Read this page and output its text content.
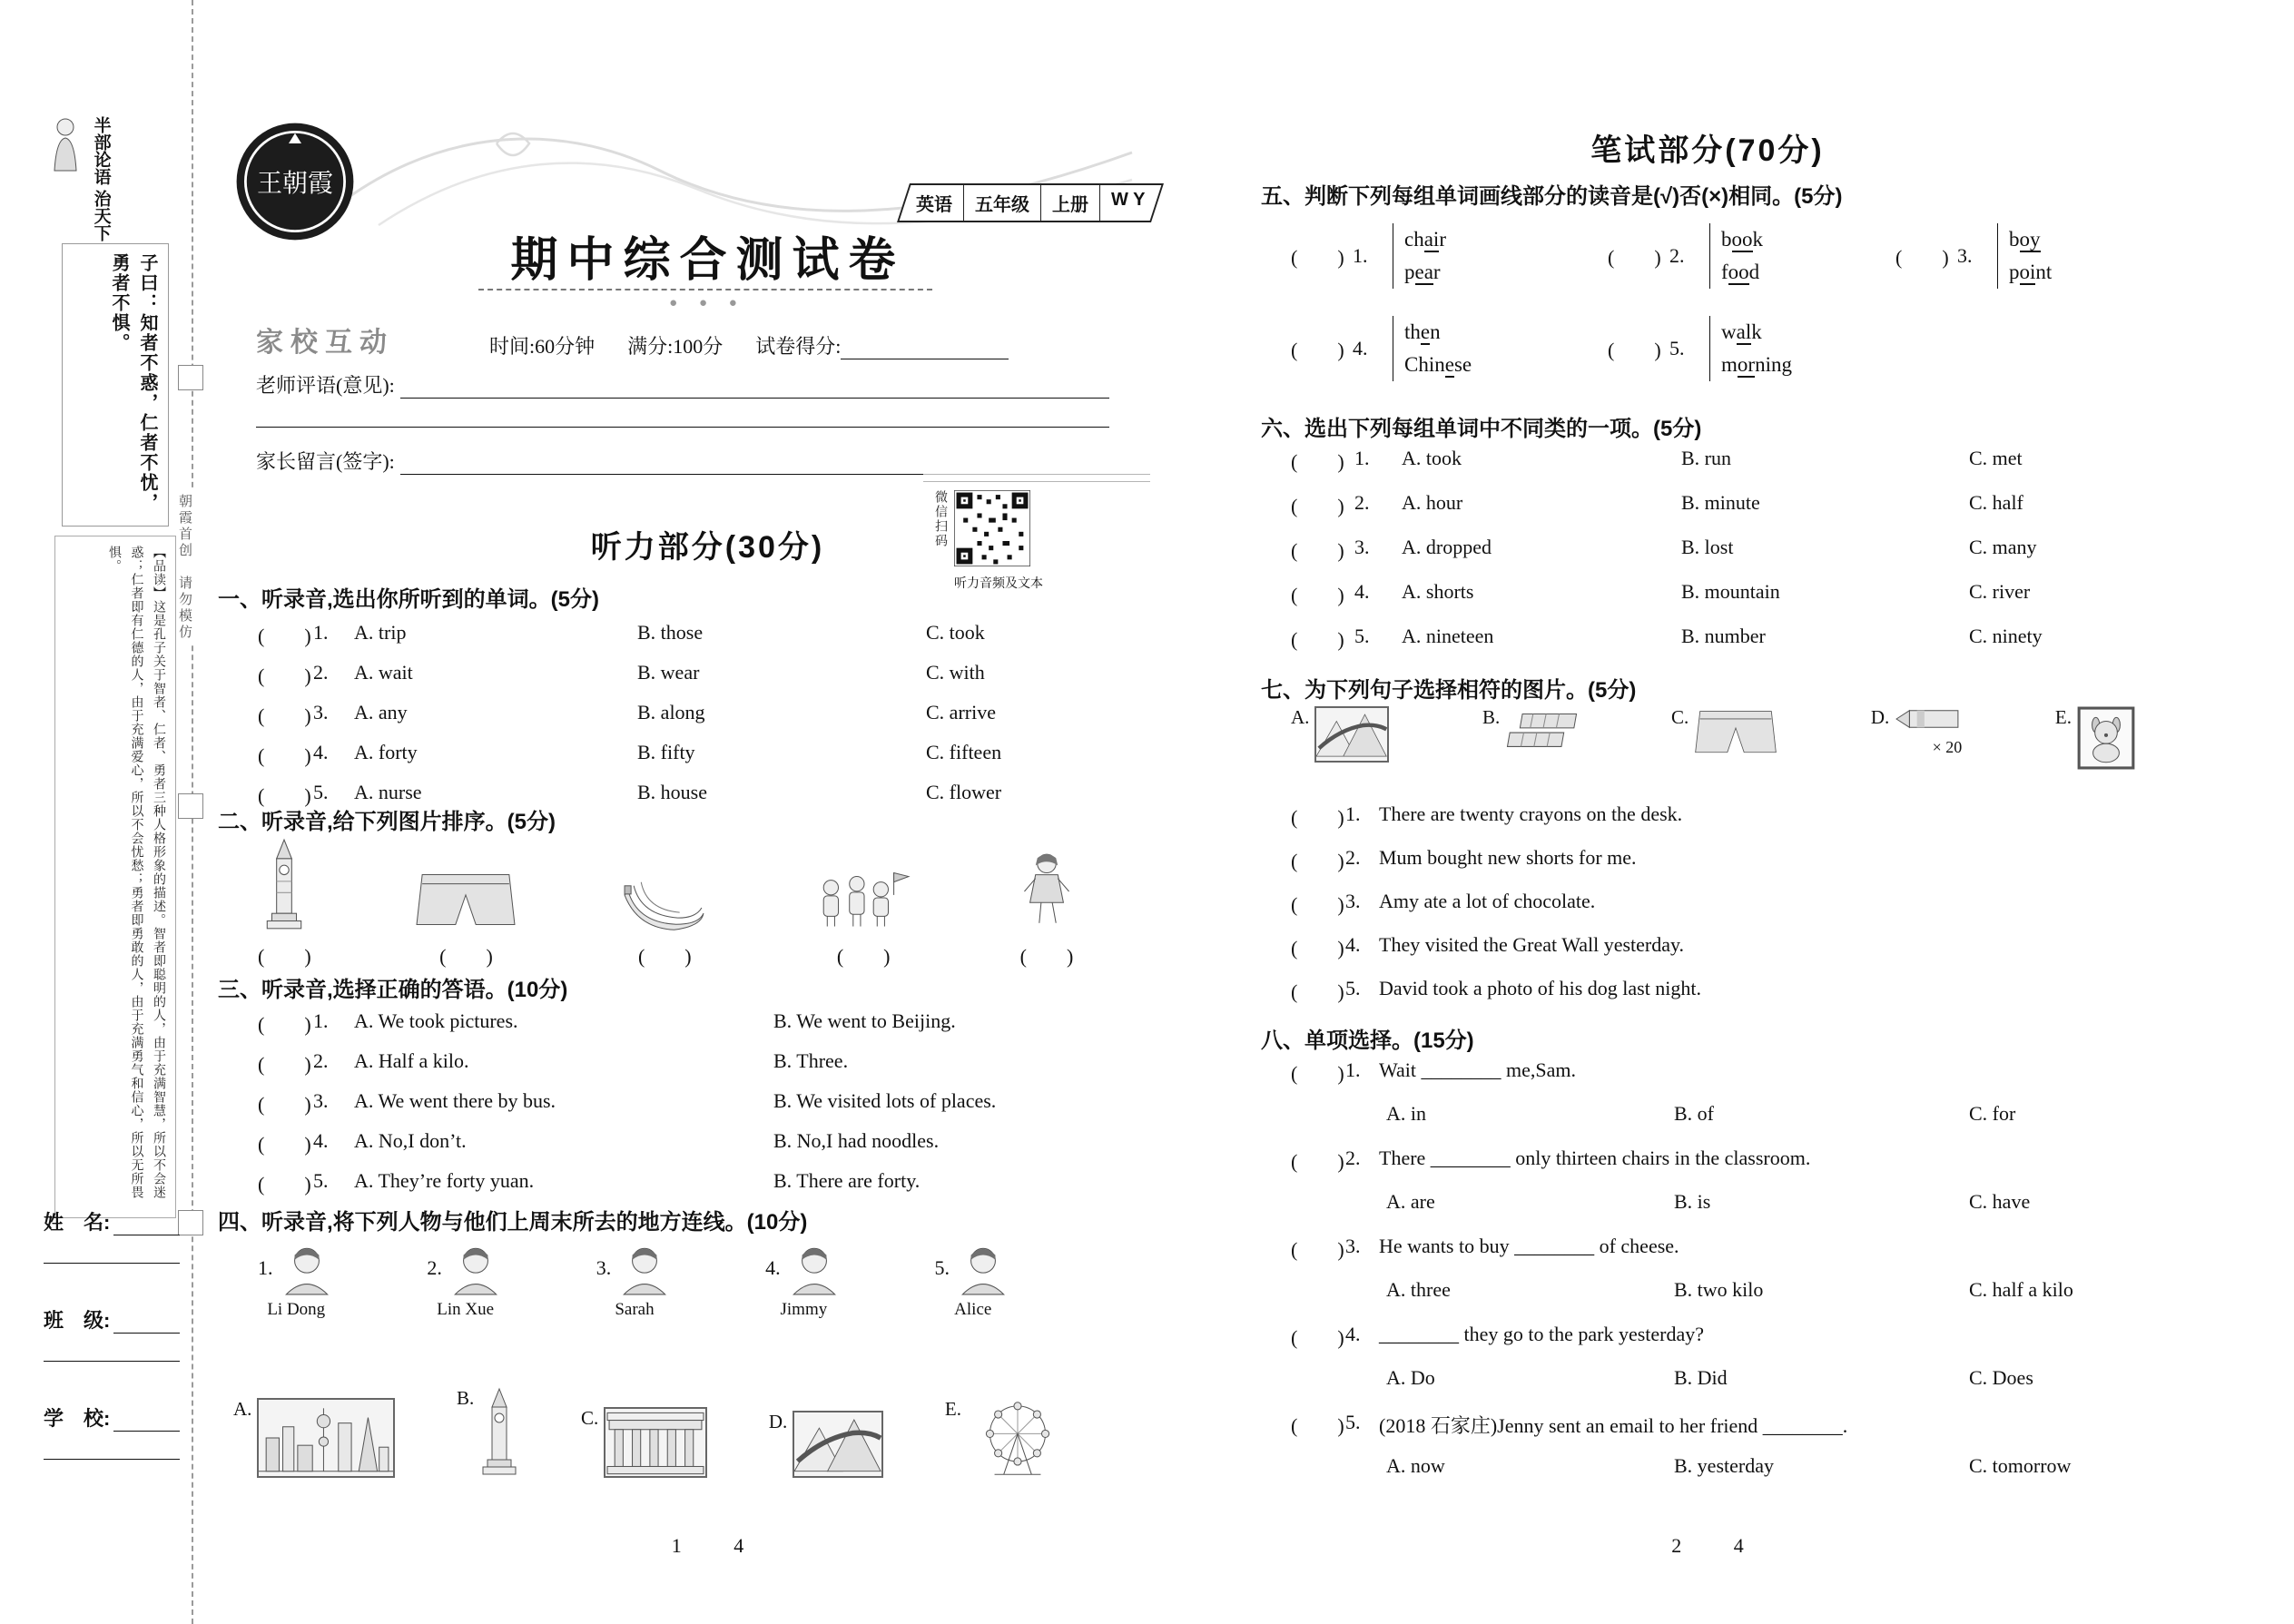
朝霞首创　请勿模仿
半部论语 治天下
子曰：知者不惑，仁者不忧，勇者不惧。
【品读】这是孔子关于智者、仁者、勇者三种人格形象的描述。智者即聪明的人，由于充满智慧，所以不会迷惑；仁者即有仁德的人，由于充满爱心，所以不会忧愁；勇者即勇敢的人，由于充满勇气和信心，所以无所畏惧。
姓　名:
班　级:
学　校:
王朝霞
英语	五年级	上册	W Y
期中综合测试卷
● ● ●
家校互动	时间:60分钟 满分:100分 试卷得分:
老师评语(意见):
家长留言(签字):
听力部分(30分)	微信扫码
听力音频及文本
一、听录音,选出你所听到的单词。(5分)
(　　) 1. A. trip	B. those	C. took
(　　) 2. A. wait	B. wear	C. with
(　　) 3. A. any	B. along	C. arrive
(　　) 4. A. forty	B. fifty	C. fifteen
(　　) 5. A. nurse	B. house	C. flower
二、听录音,给下列图片排序。(5分)
(　　)	(　　)	(　　)	(　　)	(　　)
三、听录音,选择正确的答语。(10分)
(　　) 1. A. We took pictures.	B. We went to Beijing.
(　　) 2. A. Half a kilo.	B. Three.
(　　) 3. A. We went there by bus.	B. We visited lots of places.
(　　) 4. A. No,I don’t.	B. No,I had noodles.
(　　) 5. A. They’re forty yuan.	B. There are forty.
四、听录音,将下列人物与他们上周末所去的地方连线。(10分)
1.
Li Dong
2.
Lin Xue
3.
Sarah
4.
Jimmy
5.
Alice
A.	B.
C.	D.
E.
1	4
笔试部分(70分)
五、判断下列每组单词画线部分的读音是(√)否(×)相同。(5分)
(　　) 1.
chair
pear
(　　) 2.
book
food
(　　) 3.
boy
point
(　　) 4.
then
Chinese
(　　) 5.
walk
morning
六、选出下列每组单词中不同类的一项。(5分)
(　　) 1. A. took	B. run	C. met
(　　) 2. A. hour	B. minute	C. half
(　　) 3. A. dropped	B. lost	C. many
(　　) 4. A. shorts	B. mountain	C. river
(　　) 5. A. nineteen	B. number	C. ninety
七、为下列句子选择相符的图片。(5分)
A.	B.	C.	D.
× 20
E.
(　　) 1. There are twenty crayons on the desk.
(　　) 2. Mum bought new shorts for me.
(　　) 3. Amy ate a lot of chocolate.
(　　) 4. They visited the Great Wall yesterday.
(　　) 5. David took a photo of his dog last night.
八、单项选择。(15分)
(　　) 1. Wait ________ me,Sam.
A. in	B. of	C. for
(　　) 2. There ________ only thirteen chairs in the classroom.
A. are	B. is	C. have
(　　) 3. He wants to buy ________ of cheese.
A. three	B. two kilo	C. half a kilo
(　　) 4. ________ they go to the park yesterday?
A. Do	B. Did	C. Does
(　　) 5. (2018 石家庄)Jenny sent an email to her friend ________.
A. now	B. yesterday	C. tomorrow
2	4
